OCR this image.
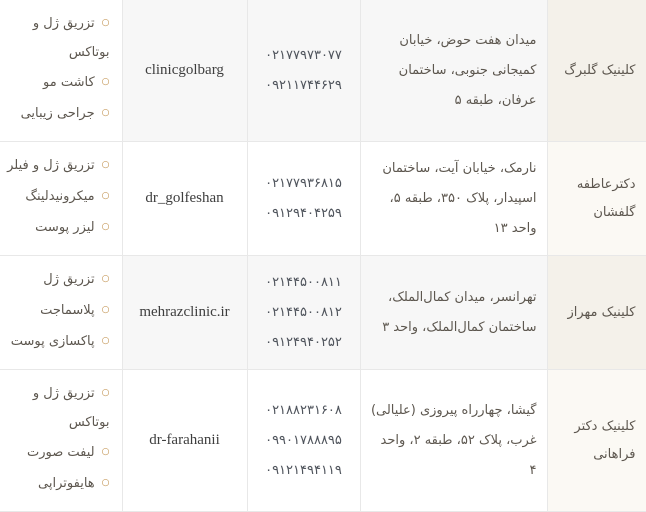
کلینیک گلبرگ	میدان هفت حوض، خیابان کمیجانی جنوبی، ساختمان عرفان، طبقه ۵	
۰۲۱۷۷۹۷۳۰۷۷
۰۹۲۱۱۷۴۴۶۲۹
	clinicgolbarg	
○تزریق ژل و بوتاکس
○کاشت مو
○جراحی زیبایی

دکترعاطفه گلفشان	نارمک، خیابان آیت، ساختمان اسپیدار، پلاک ۳۵۰، طبقه ۵، واحد ۱۳	
۰۲۱۷۷۹۳۶۸۱۵
۰۹۱۲۹۴۰۴۲۵۹
	dr_golfeshan	
○تزریق ژل و فیلر
○میکرونیدلینگ
○لیزر پوست

کلینیک مهراز	تهرانسر، میدان کمال‌الملک، ساختمان کمال‌الملک، واحد ۳	
۰۲۱۴۴۵۰۰۸۱۱
۰۲۱۴۴۵۰۰۸۱۲
۰۹۱۲۴۹۴۰۲۵۲
	mehrazclinic.ir	
○تزریق ژل
○پلاسماجت
○پاکسازی پوست

کلینیک دکتر فراهانی	گیشا، چهارراه پیروزی (علیالی) غرب، پلاک ۵۲، طبقه ۲، واحد ۴	
۰۲۱۸۸۲۳۱۶۰۸
۰۹۹۰۱۷۸۸۸۹۵
۰۹۱۲۱۴۹۴۱۱۹
	dr-farahanii	
○تزریق ژل و بوتاکس
○لیفت صورت
○هایفوتراپی
